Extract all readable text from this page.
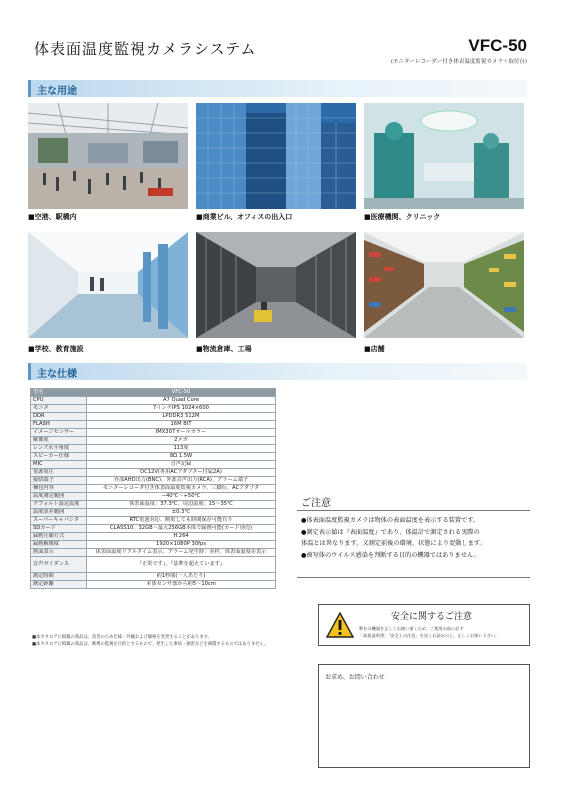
体表面温度監視カメラシステム	VFC-50
(モニターレコーダー付き体表温度監視カメラ＋取付台)
主な用途
■空港、駅構内	■商業ビル、オフィスの出入口	■医療機関、クリニック
■学校、教育施設	■物流倉庫、工場	■店舗
主な仕様
型名	VFC-50
CPU	A7 Quad Core
モニタ	7インチIPS 1024×600
DDR	LPDDR3 512M
FLASH	16M BIT
イメージセンサー	IMX307オールカラー
解像度	2メガ
レンズ水平角度	113度
スピーカー仕様	8Ω 1.5W
MIC	音声記録
電源電圧	DC12V(専用ACアダプター付属2A)
接続端子	外部AHD出力(BNC)、外部音声出力(RCA)、アラーム端子
梱包内容	モニターレコーダ付き体表面温度監視カメラ、三脚台、ACアダプタ
温度測定範囲	−40℃～+50℃
デフォルト設定温度	体表面温度：37.3℃、周辺温度：15～35℃
温度誤差範囲	±0.3℃
スーパーキャパシタ	RTC電池対応、断電しても時間保存可能有り
SDカード	CLASS10、32GB～最大256GB本体で録画可能(カード別売)
録画圧縮方式	H.264
録画解像度	1920×1080P 30fps
画面表示	体表面温度リアルタイム表示、アラーム発生時：赤枠、体表面温度赤表示
音声ガイダンス	『正常です』、『基準を超えています』
測定時間	約1秒間(一人あたり)
測定距離	本体センサ部から約5～10cm
■本カタログに掲載の商品は、改善のため仕様・外観および価格を変更することがあります。
■本カタログに掲載の商品は、映像の監視を目的とするもので、発生した事故・損害などを補償するものではありません。
ご注意
●体表面温度監視カメラは物体の表面温度を表示する装置です。
●測定表示値は『表面温度』であり、体温計で測定される実際の
体温とは異なります。又測定前後の環境、状態により変動します。
●被写体のウイルス感染を判断する目的の機器ではありません。
安全に関するご注意
弊社の機器を正しくお使い頂くため、ご使用の前に必ず
「取扱説明書」「安全上の注意」を良くお読みの上、正しくお使い下さい。
お求め、お問い合わせ
